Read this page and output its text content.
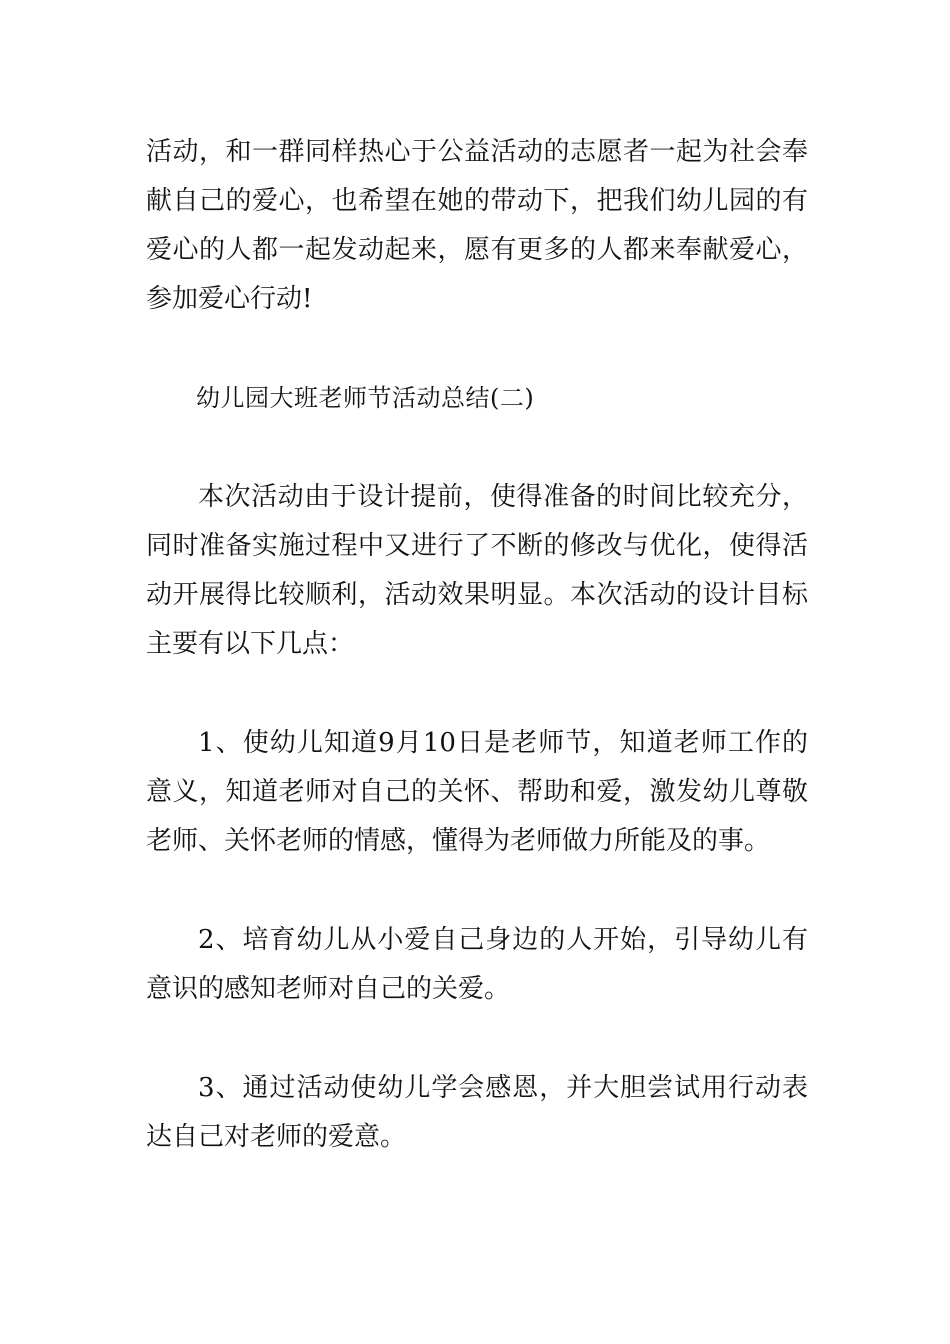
活动，和一群同样热心于公益活动的志愿者一起为社会奉献自己的爱心，也希望在她的带动下，把我们幼儿园的有爱心的人都一起发动起来，愿有更多的人都来奉献爱心，参加爱心行动!

幼儿园大班老师节活动总结(二)

本次活动由于设计提前，使得准备的时间比较充分，同时准备实施过程中又进行了不断的修改与优化，使得活动开展得比较顺利，活动效果明显。本次活动的设计目标主要有以下几点：

1、使幼儿知道9月10日是老师节，知道老师工作的意义，知道老师对自己的关怀、帮助和爱，激发幼儿尊敬老师、关怀老师的情感，懂得为老师做力所能及的事。

2、培育幼儿从小爱自己身边的人开始，引导幼儿有意识的感知老师对自己的关爱。

3、通过活动使幼儿学会感恩，并大胆尝试用行动表达自己对老师的爱意。
